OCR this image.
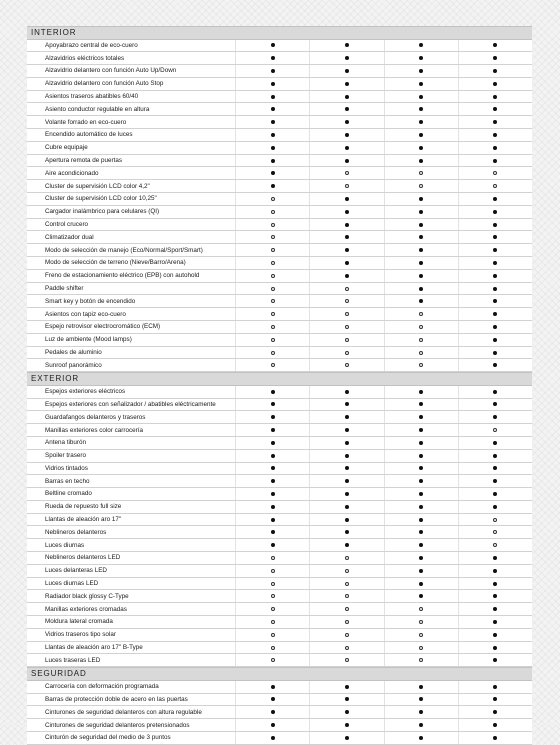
INTERIOR
Apoyabrazo central de eco-cuero
Alzavidrios eléctricos totales
Alzavidrio delantero con función Auto Up/Down
Alzavidrio delantero con función Auto Stop
Asientos traseros abatibles 60/40
Asiento conductor regulable en altura
Volante forrado en eco-cuero
Encendido automático de luces
Cubre equipaje
Apertura remota de puertas
Aire acondicionado
Cluster de supervisión LCD color 4,2"
Cluster de supervisión LCD color 10,25"
Cargador inalámbrico para celulares (QI)
Control crucero
Climatizador dual
Modo de selección de manejo (Eco/Normal/Sport/Smart)
Modo de selección de terreno (Nieve/Barro/Arena)
Freno de estacionamiento eléctrico (EPB) con autohold
Paddle shifter
Smart key y botón de encendido
Asientos con tapiz eco-cuero
Espejo retrovisor electrocromático (ECM)
Luz de ambiente (Mood lamps)
Pedales de aluminio
Sunroof panorámico
EXTERIOR
Espejos exteriores eléctricos
Espejos exteriores con señalizador / abatibles eléctricamente
Guardafangos delanteros y traseros
Manillas exteriores color carrocería
Antena tiburón
Spoiler trasero
Vidrios tintados
Barras en techo
Beltline cromado
Rueda de repuesto full size
Llantas de aleación aro 17"
Neblineros delanteros
Luces diurnas
Neblineros delanteros LED
Luces delanteras LED
Luces diurnas LED
Radiador black glossy C-Type
Manillas exteriores cromadas
Moldura lateral cromada
Vidrios traseros tipo solar
Llantas de aleación aro 17" B-Type
Luces traseras LED
SEGURIDAD
Carrocería con deformación programada
Barras de protección doble de acero en las puertas
Cinturones de seguridad delanteros con altura regulable
Cinturones de seguridad delanteros pretensionados
Cinturón de seguridad del medio de 3 puntos
